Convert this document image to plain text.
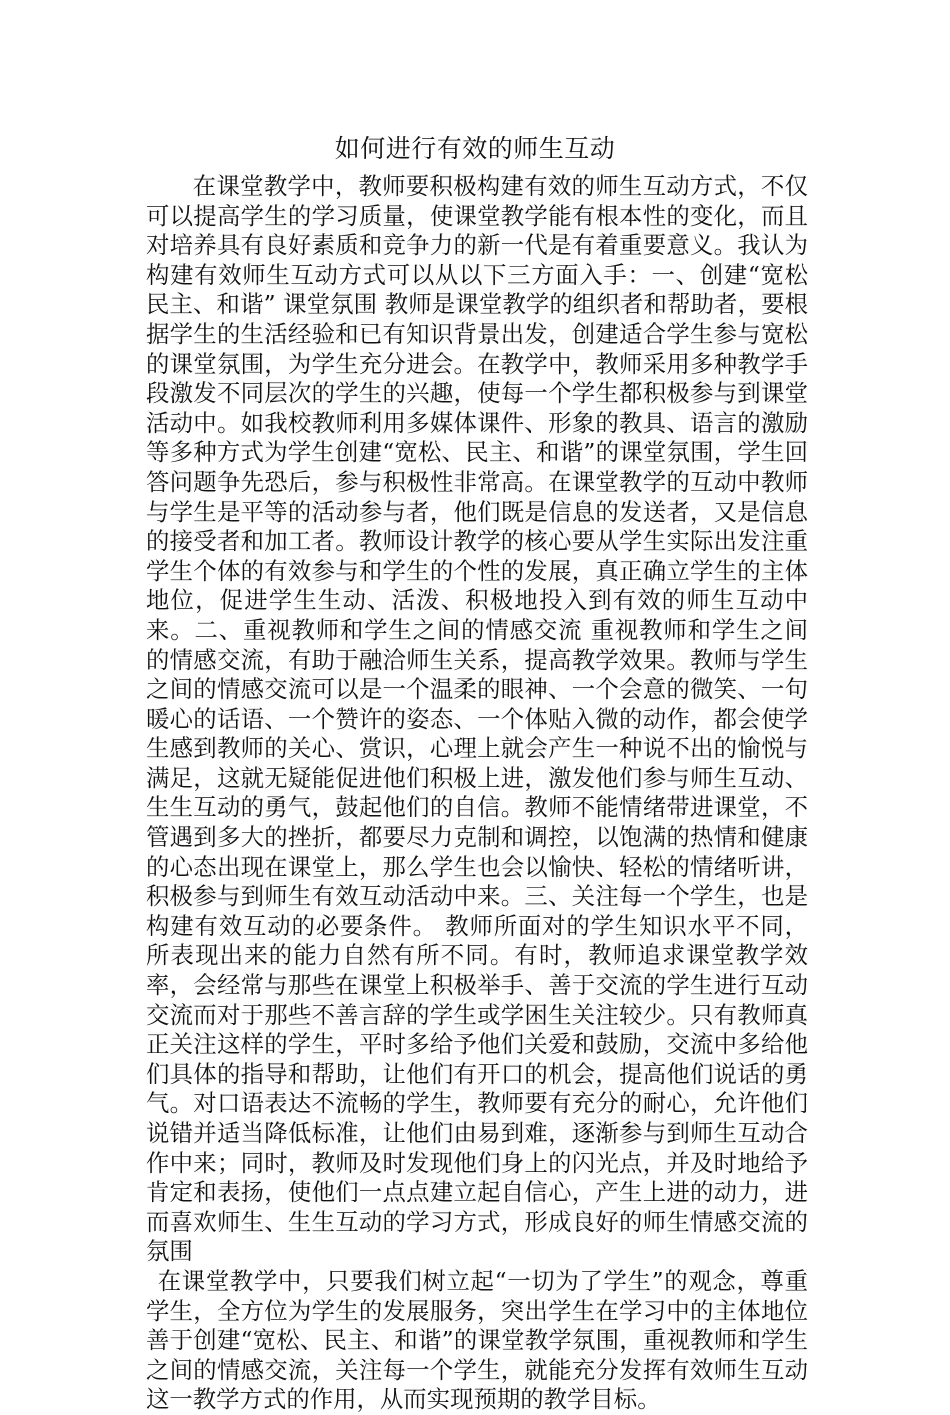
如何进行有效的师生互动

在课堂教学中，教师要积极构建有效的师生互动方式，不仅可以提高学生的学习质量，使课堂教学能有根本性的变化，而且对培养具有良好素质和竞争力的新一代是有着重要意义。我认为构建有效师生互动方式可以从以下三方面入手：一、创建“宽松民主、和谐” 课堂氛围 教师是课堂教学的组织者和帮助者，要根据学生的生活经验和已有知识背景出发，创建适合学生参与宽松的课堂氛围，为学生充分进会。在教学中，教师采用多种教学手段激发不同层次的学生的兴趣，使每一个学生都积极参与到课堂活动中。如我校教师利用多媒体课件、形象的教具、语言的激励等多种方式为学生创建“宽松、民主、和谐”的课堂氛围，学生回答问题争先恐后，参与积极性非常高。在课堂教学的互动中教师与学生是平等的活动参与者，他们既是信息的发送者，又是信息的接受者和加工者。教师设计教学的核心要从学生实际出发注重学生个体的有效参与和学生的个性的发展，真正确立学生的主体地位，促进学生生动、活泼、积极地投入到有效的师生互动中来。二、重视教师和学生之间的情感交流 重视教师和学生之间的情感交流，有助于融洽师生关系，提高教学效果。教师与学生之间的情感交流可以是一个温柔的眼神、一个会意的微笑、一句暖心的话语、一个赞许的姿态、一个体贴入微的动作，都会使学生感到教师的关心、赏识，心理上就会产生一种说不出的愉悦与满足，这就无疑能促进他们积极上进，激发他们参与师生互动、生生互动的勇气，鼓起他们的自信。教师不能情绪带进课堂，不管遇到多大的挫折，都要尽力克制和调控，以饱满的热情和健康的心态出现在课堂上，那么学生也会以愉快、轻松的情绪听讲，积极参与到师生有效互动活动中来。三、关注每一个学生，也是构建有效互动的必要条件。 教师所面对的学生知识水平不同，所表现出来的能力自然有所不同。有时，教师追求课堂教学效率，会经常与那些在课堂上积极举手、善于交流的学生进行互动交流而对于那些不善言辞的学生或学困生关注较少。只有教师真正关注这样的学生，平时多给予他们关爱和鼓励，交流中多给他们具体的指导和帮助，让他们有开口的机会，提高他们说话的勇气。对口语表达不流畅的学生，教师要有充分的耐心，允许他们说错并适当降低标准，让他们由易到难，逐渐参与到师生互动合作中来；同时，教师及时发现他们身上的闪光点，并及时地给予肯定和表扬，使他们一点点建立起自信心，产生上进的动力，进而喜欢师生、生生互动的学习方式，形成良好的师生情感交流的氛围

在课堂教学中，只要我们树立起“一切为了学生”的观念，尊重学生，全方位为学生的发展服务，突出学生在学习中的主体地位善于创建“宽松、民主、和谐”的课堂教学氛围，重视教师和学生之间的情感交流，关注每一个学生，就能充分发挥有效师生互动这一教学方式的作用，从而实现预期的教学目标。
